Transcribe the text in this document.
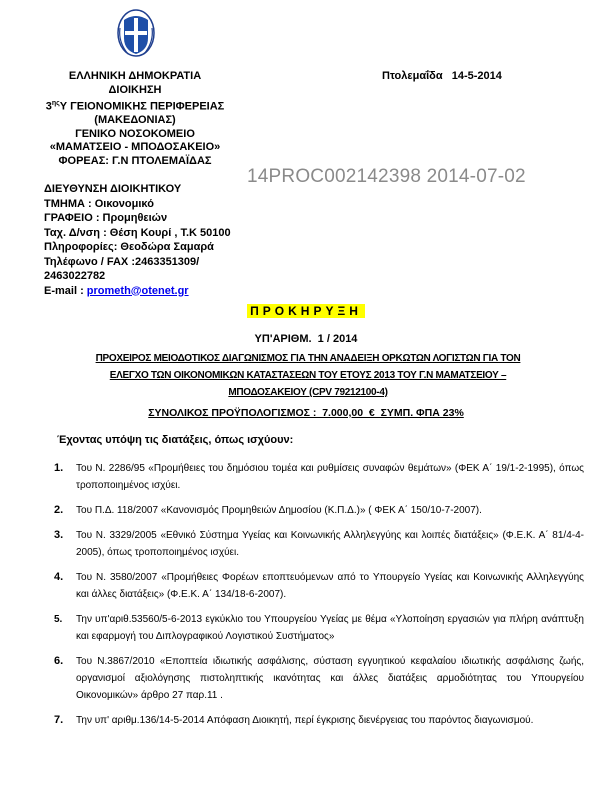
ΕΛΛΗΝΙΚΗ ΔΗΜΟΚΡΑΤΙΑ
ΔΙΟΙΚΗΣΗ
$3^{\eta\varsigma}\Upsilon$ ΓΕΙΟΝΟΜΙΚΗΣ ΠΕΡΙΦΕΡΕΙΑΣ
(ΜΑΚΕΔΟΝΙΑΣ)
ΓΕΝΙΚΟ ΝΟΣΟΚΟΜΕΙΟ
«ΜΑΜΑΤΣΕΙΟ - ΜΠΟΔΟΣΑΚΕΙΟ»
ΦΟΡΕΑΣ: Γ.Ν ΠΤΟΛΕΜΑΪΔΑΣ
Πτολεμαΐδα   14-5-2014
14PROC002142398 2014-07-02
ΔΙΕΥΘΥΝΣΗ ΔΙΟΙΚΗΤΙΚΟΥ
ΤΜΗΜΑ : Οικονομικό
ΓΡΑΦΕΙΟ : Προμηθειών
Ταχ. Δ/νση : Θέση Κουρί , Τ.Κ 50100
Πληροφορίες: Θεοδώρα Σαμαρά
Τηλέφωνο / FAX :2463351309/
2463022782
E-mail : prometh@otenet.gr
ΠΡΟΚΗΡΥΞΗ
ΥΠ'ΑΡΙΘΜ.  1 / 2014
ΠΡΟΧΕΙΡΟΣ ΜΕΙΟΔΟΤΙΚΟΣ ΔΙΑΓΩΝΙΣΜΟΣ ΓΙΑ ΤΗΝ ΑΝΑΔΕΙΞΗ ΟΡΚΩΤΩΝ ΛΟΓΙΣΤΩΝ ΓΙΑ ΤΟΝ
ΕΛΕΓΧΟ ΤΩΝ ΟΙΚΟΝΟΜΙΚΩΝ ΚΑΤΑΣΤΑΣΕΩΝ ΤΟΥ ΕΤΟΥΣ 2013 ΤΟΥ Γ.Ν ΜΑΜΑΤΣΕΙΟΥ –
ΜΠΟΔΟΣΑΚΕΙΟΥ (CPV 79212100-4)
ΣΥΝΟΛΙΚΟΣ ΠΡΟΫΠΟΛΟΓΙΣΜΟΣ :  7.000,00  €  ΣΥΜΠ. ΦΠΑ 23%
Έχοντας υπόψη τις διατάξεις, όπως ισχύουν:
1. Του Ν. 2286/95 «Προμήθειες του δημόσιου τομέα και ρυθμίσεις συναφών θεμάτων» (ΦΕΚ Α΄ 19/1-2-1995), όπως τροποποιημένος ισχύει.
2. Του Π.Δ. 118/2007 «Κανονισμός Προμηθειών Δημοσίου (Κ.Π.Δ.)» ( ΦΕΚ Α΄ 150/10-7-2007).
3. Του Ν. 3329/2005 «Εθνικό Σύστημα Υγείας και Κοινωνικής Αλληλεγγύης και λοιπές διατάξεις» (Φ.Ε.Κ. Α΄ 81/4-4-2005), όπως τροποποιημένος ισχύει.
4. Του Ν. 3580/2007 «Προμήθειες Φορέων εποπτευόμενων από το Υπουργείο Υγείας και Κοινωνικής Αλληλεγγύης και άλλες διατάξεις» (Φ.Ε.Κ. Α΄ 134/18-6-2007).
5. Την υπ'αριθ.53560/5-6-2013 εγκύκλιο του Υπουργείου Υγείας με θέμα «Υλοποίηση εργασιών για πλήρη ανάπτυξη και εφαρμογή του Διπλογραφικού Λογιστικού Συστήματος»
6. Του Ν.3867/2010 «Εποπτεία ιδιωτικής ασφάλισης, σύσταση εγγυητικού κεφαλαίου ιδιωτικής ασφάλισης ζωής, οργανισμοί αξιολόγησης πιστοληπτικής ικανότητας και άλλες διατάξεις αρμοδιότητας του Υπουργείου Οικονομικών» άρθρο 27 παρ.11 .
7. Την υπ' αριθμ.136/14-5-2014 Απόφαση Διοικητή, περί έγκρισης διενέργειας του παρόντος διαγωνισμού.
